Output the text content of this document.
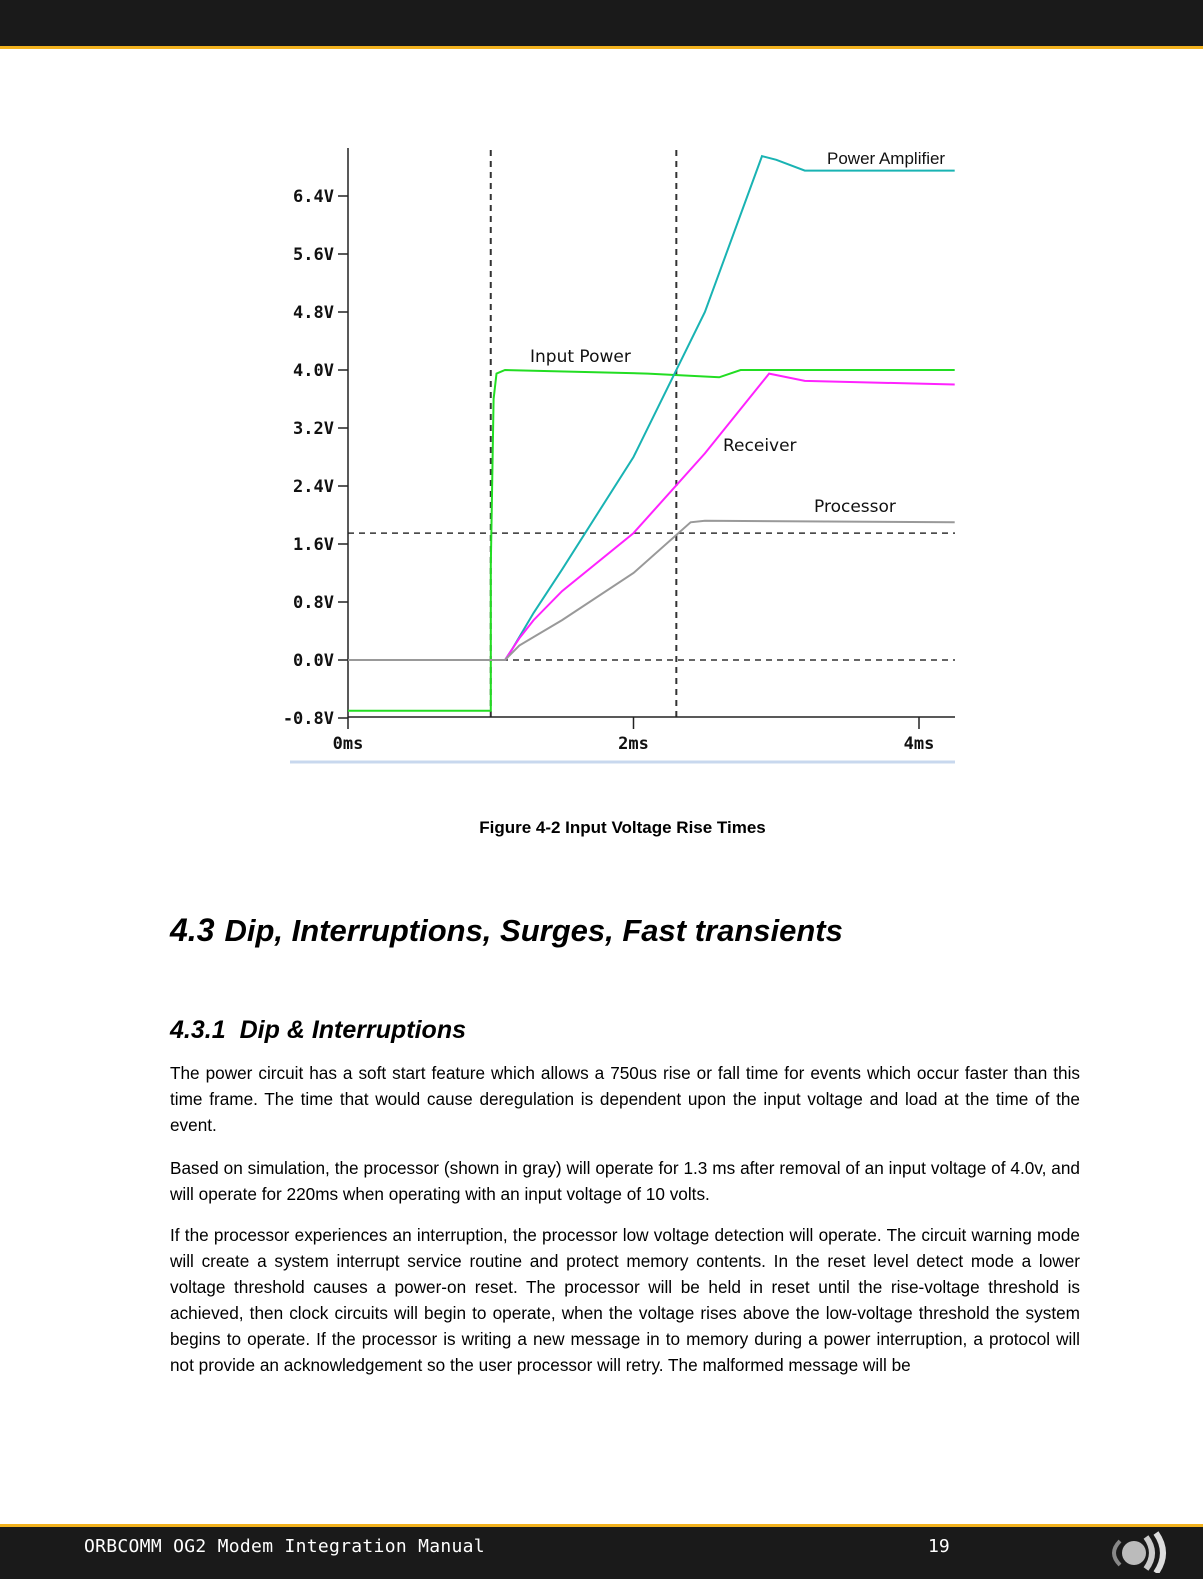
6.4V
5.6V
4.8V
4.0V
3.2V
2.4V
1.6V
0.8V
0.0V
-0.8V
0ms	2ms	4ms
Input Power
Power Amplifier
Receiver
Processor
Figure 4-2 Input Voltage Rise Times
4.3 Dip, Interruptions, Surges, Fast transients
4.3.1 Dip & Interruptions

The power circuit has a soft start feature which allows a 750us rise or fall time for events which occur faster than this time frame. The time that would cause deregulation is dependent upon the input voltage and load at the time of the event.

Based on simulation, the processor (shown in gray) will operate for 1.3 ms after removal of an input voltage of 4.0v, and will operate for 220ms when operating with an input voltage of 10 volts.

If the processor experiences an interruption, the processor low voltage detection will operate. The circuit warning mode will create a system interrupt service routine and protect memory contents. In the reset level detect mode a lower voltage threshold causes a power-on reset. The processor will be held in reset until the rise-voltage threshold is achieved, then clock circuits will begin to operate, when the voltage rises above the low-voltage threshold the system begins to operate. If the processor is writing a new message in to memory during a power interruption, a protocol will not provide an acknowledgement so the user processor will retry. The malformed message will be

ORBCOMM OG2 Modem Integration Manual	19
